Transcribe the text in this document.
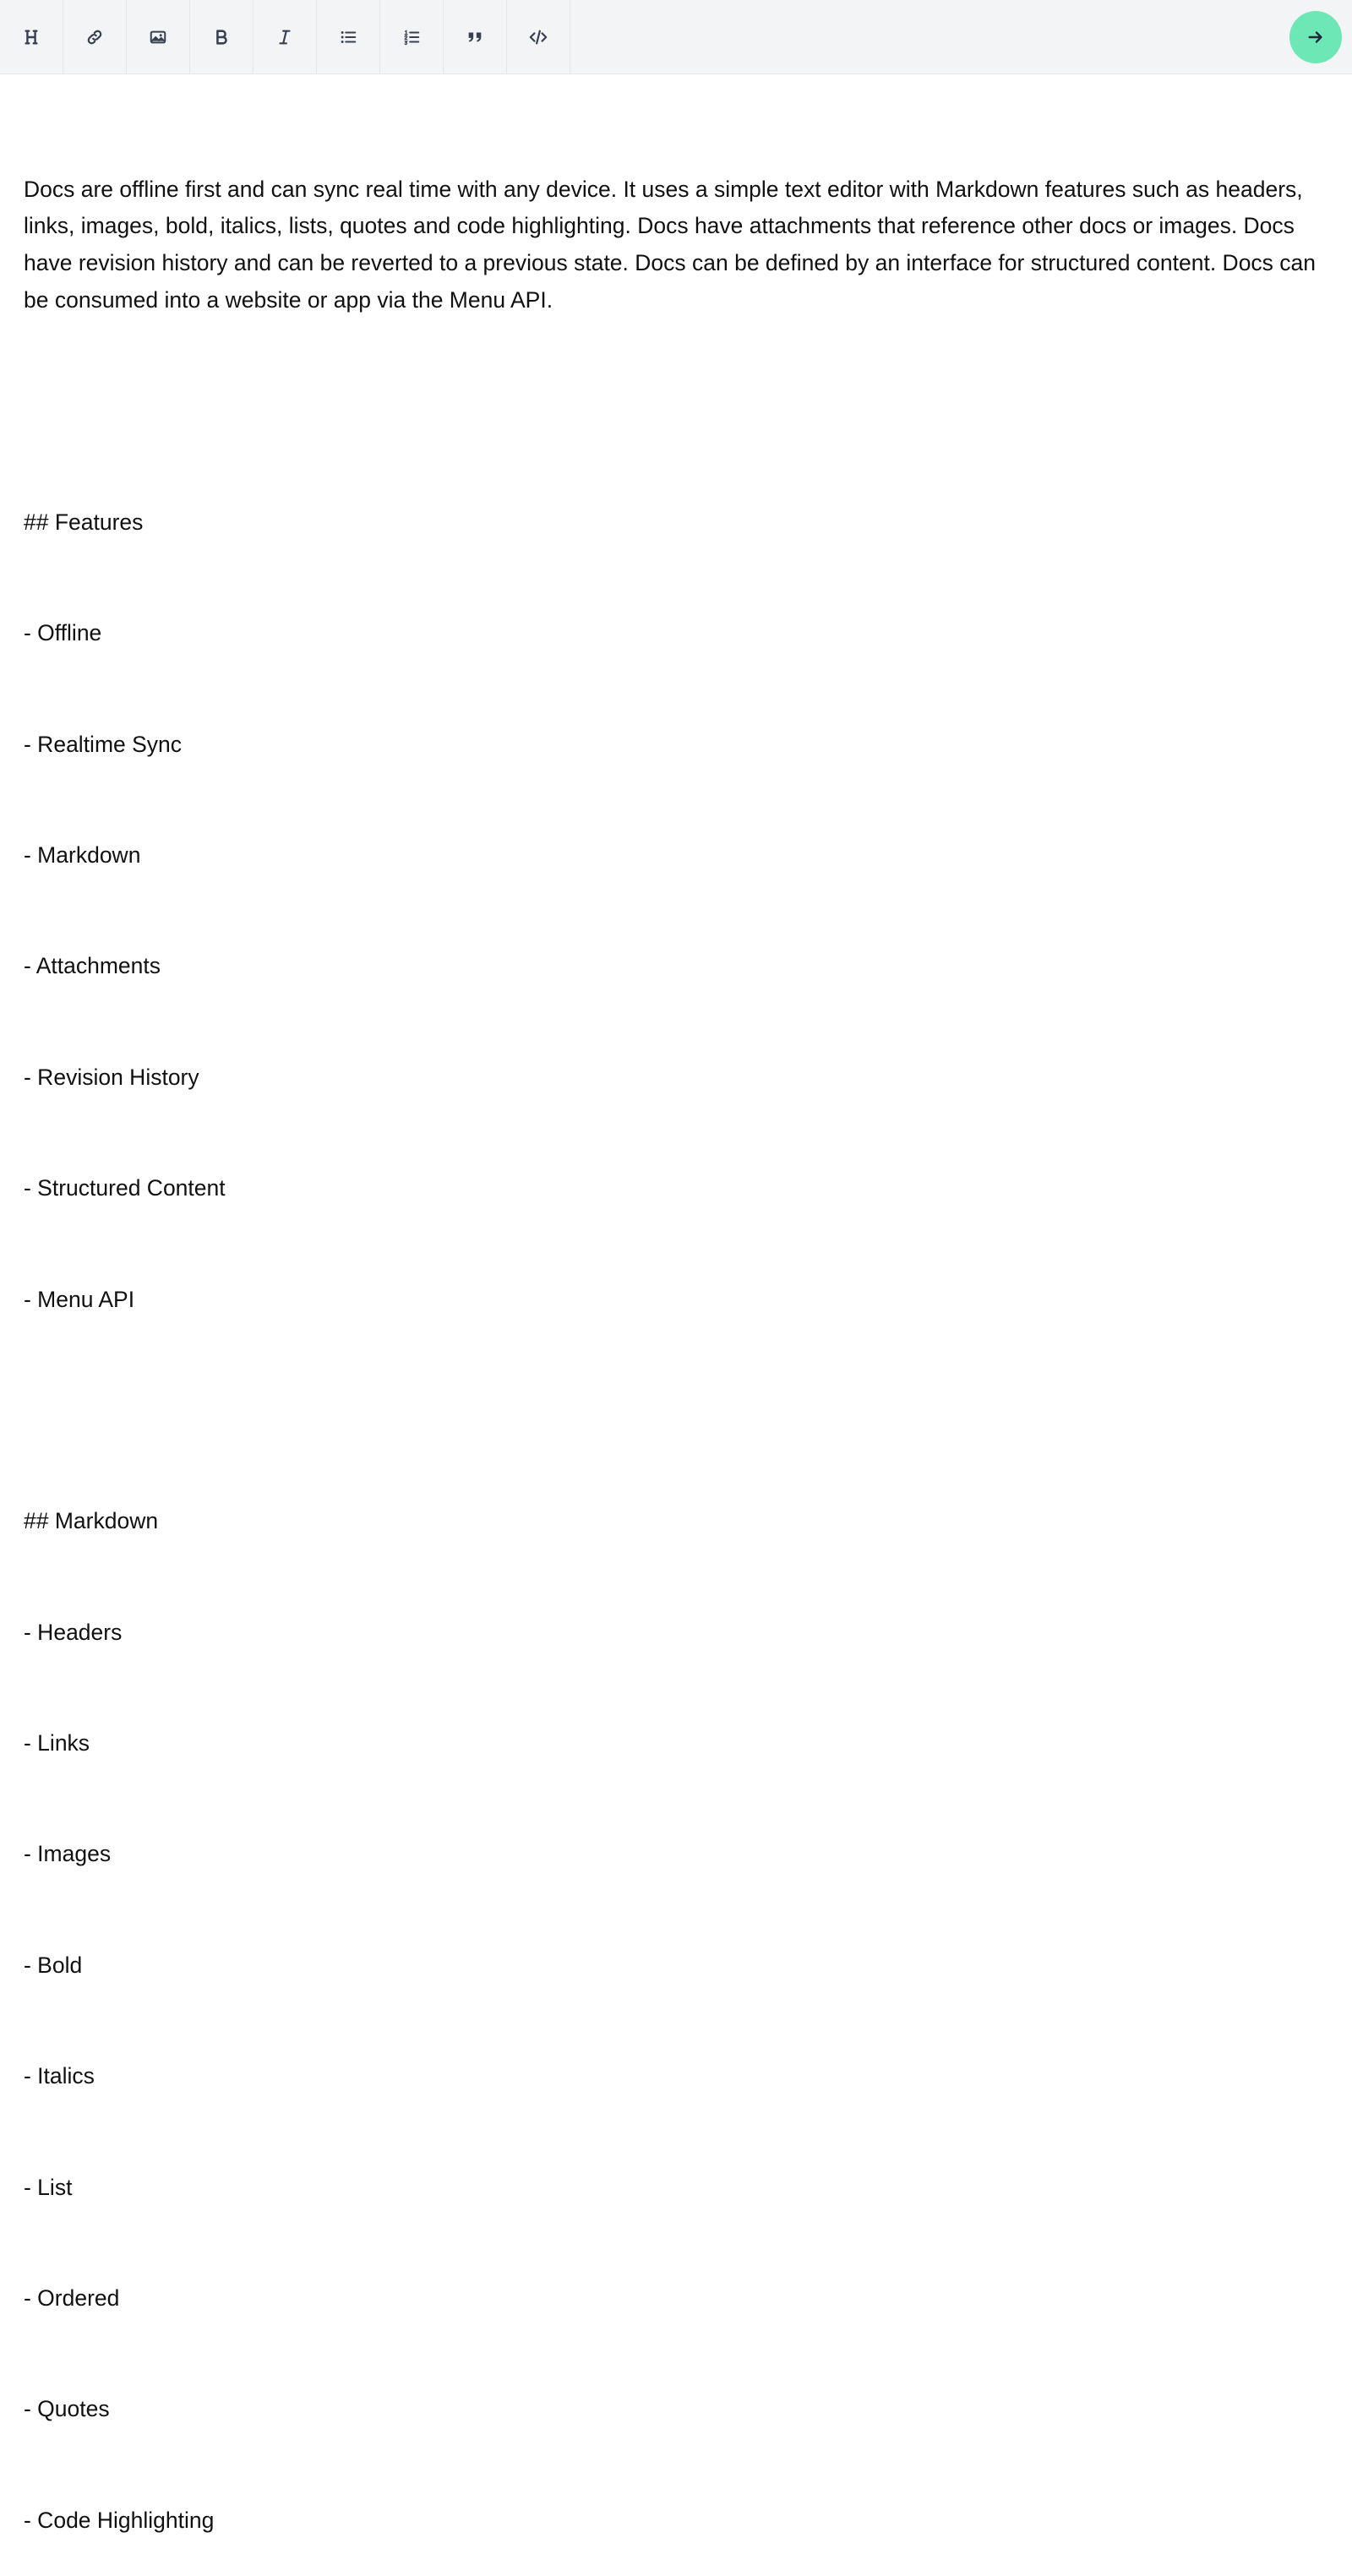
Docs are offline first and can sync real time with any device. It uses a simple text editor with Markdown features such as headers, links, images, bold, italics, lists, quotes and code highlighting. Docs have attachments that reference other docs or images. Docs have revision history and can be reverted to a previous state. Docs can be defined by an interface for structured content. Docs can be consumed into a website or app via the Menu API.

## Features

- Offline

- Realtime Sync

- Markdown

- Attachments

- Revision History

- Structured Content

- Menu API

## Markdown

- Headers

- Links

- Images

- Bold

- Italics

- List

- Ordered

- Quotes

- Code Highlighting
